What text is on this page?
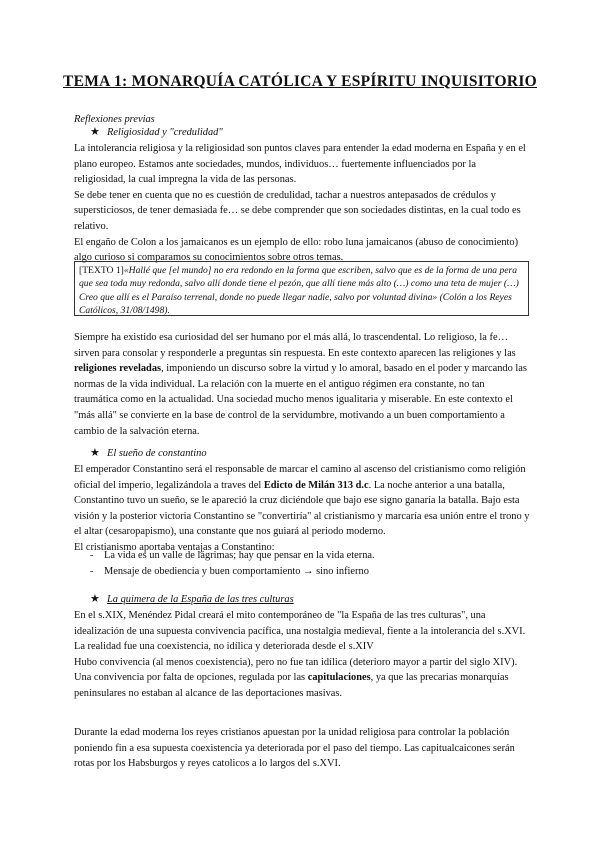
TEMA 1: MONARQUÍA CATÓLICA Y ESPÍRITU INQUISITORIO
Reflexiones previas
★ Religiosidad y "credulidad"

La intolerancia religiosa y la religiosidad son puntos claves para entender la edad moderna en España y en el plano europeo. Estamos ante sociedades, mundos, individuos… fuertemente influenciados por la religiosidad, la cual impregna la vida de las personas.

Se debe tener en cuenta que no es cuestión de credulidad, tachar a nuestros antepasados de crédulos y supersticiosos, de tener demasiada fe… se debe comprender que son sociedades distintas, en la cual todo es relativo.

El engaño de Colon a los jamaicanos es un ejemplo de ello: robo luna jamaicanos (abuso de conocimiento) algo curioso si comparamos su conocimientos sobre otros temas.

[TEXTO 1]«Hallé que [el mundo] no era redondo en la forma que escriben, salvo que es de la forma de una pera que sea toda muy redonda, salvo allí donde tiene el pezón, que allí tiene más alto (…) como una teta de mujer (…) Creo que allí es el Paraíso terrenal, donde no puede llegar nadie, salvo por voluntad divina» (Colón a los Reyes Católicos, 31/08/1498).

Siempre ha existido esa curiosidad del ser humano por el más allá, lo trascendental. Lo religioso, la fe… sirven para consolar y responderle a preguntas sin respuesta. En este contexto aparecen las religiones y las religiones reveladas, imponiendo un discurso sobre la virtud y lo amoral, basado en el poder y marcando las normas de la vida individual. La relación con la muerte en el antiguo régimen era constante, no tan traumática como en la actualidad. Una sociedad mucho menos igualitaria y miserable. En este contexto el "más allá" se convierte en la base de control de la servidumbre, motivando a un buen comportamiento a cambio de la salvación eterna.

★ El sueño de constantino

El emperador Constantino será el responsable de marcar el camino al ascenso del cristianismo como religión oficial del imperio, legalizándola a traves del Edicto de Milán 313 d.c. La noche anterior a una batalla, Constantino tuvo un sueño, se le apareció la cruz diciéndole que bajo ese signo ganaría la batalla. Bajo esta visión y la posterior victoria Constantino se "convertiría" al cristianismo y marcaría esa unión entre el trono y el altar (cesaropapismo), una constante que nos guiará al periodo moderno.

El cristianismo aportaba ventajas a Constantino:

-	La vida es un valle de lágrimas; hay que pensar en la vida eterna.
-	Mensaje de obediencia y buen comportamiento → sino infierno
★ La quimera de la España de las tres culturas

En el s.XIX, Menéndez Pidal creará el mito contemporáneo de "la España de las tres culturas", una idealización de una supuesta convivencia pacífica, una nostalgia medieval, fiente a la intolerancia del s.XVI. La realidad fue una coexistencia, no idílica y deteriorada desde el s.XIV

Hubo convivencia (al menos coexistencia), pero no fue tan idílica (deterioro mayor a partir del siglo XIV). Una convivencia por falta de opciones, regulada por las capitulaciones, ya que las precarias monarquías peninsulares no estaban al alcance de las deportaciones masivas.

Durante la edad moderna los reyes cristianos apuestan por la unidad religiosa para controlar la población poniendo fin a esa supuesta coexistencia ya deteriorada por el paso del tiempo. Las capitualcaicones serán rotas por los Habsburgos y reyes catolicos a lo largos del s.XVI.
